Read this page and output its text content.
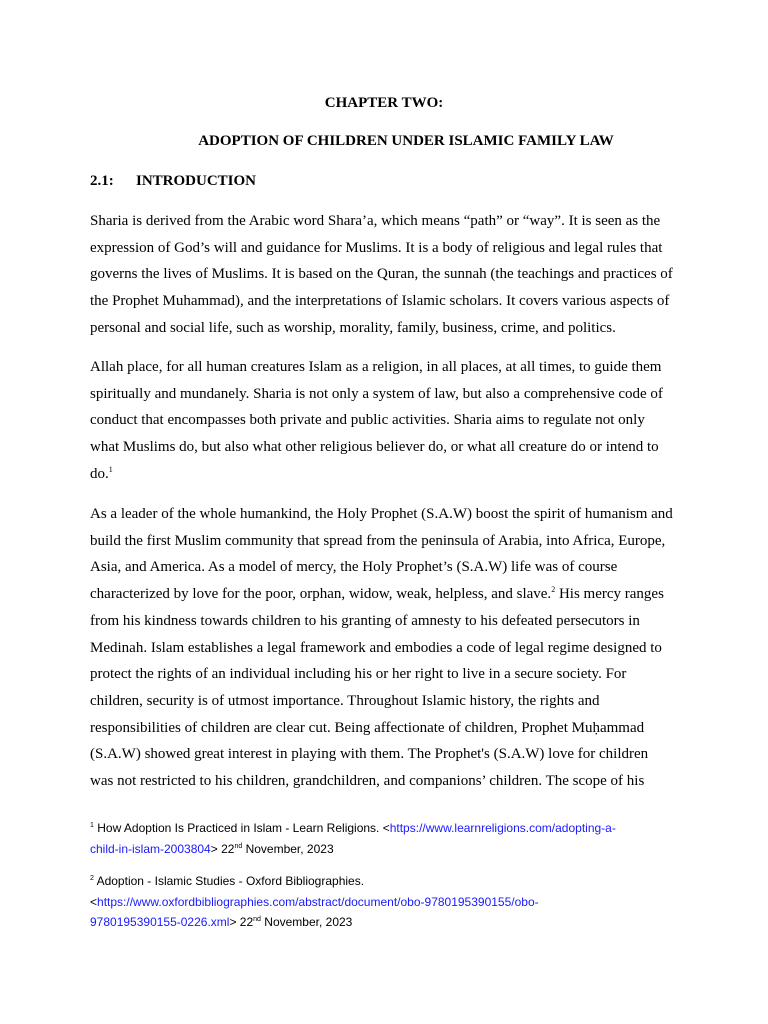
CHAPTER TWO:
ADOPTION OF CHILDREN UNDER ISLAMIC FAMILY LAW
2.1: INTRODUCTION

Sharia is derived from the Arabic word Shara’a, which means “path” or “way”. It is seen as the
expression of God’s will and guidance for Muslims. It is a body of religious and legal rules that
governs the lives of Muslims. It is based on the Quran, the sunnah (the teachings and practices of
the Prophet Muhammad), and the interpretations of Islamic scholars. It covers various aspects of
personal and social life, such as worship, morality, family, business, crime, and politics.

Allah place, for all human creatures Islam as a religion, in all places, at all times, to guide them
spiritually and mundanely. Sharia is not only a system of law, but also a comprehensive code of
conduct that encompasses both private and public activities. Sharia aims to regulate not only
what Muslims do, but also what other religious believer do, or what all creature do or intend to
do.$^1$

As a leader of the whole humankind, the Holy Prophet (S.A.W) boost the spirit of humanism and
build the first Muslim community that spread from the peninsula of Arabia, into Africa, Europe,
Asia, and America. As a model of mercy, the Holy Prophet’s (S.A.W) life was of course
characterized by love for the poor, orphan, widow, weak, helpless, and slave.$^2$ His mercy ranges
from his kindness towards children to his granting of amnesty to his defeated persecutors in
Medinah. Islam establishes a legal framework and embodies a code of legal regime designed to
protect the rights of an individual including his or her right to live in a secure society. For
children, security is of utmost importance. Throughout Islamic history, the rights and
responsibilities of children are clear cut. Being affectionate of children, Prophet Muḥammad
(S.A.W) showed great interest in playing with them. The Prophet's (S.A.W) love for children
was not restricted to his children, grandchildren, and companions’ children. The scope of his

$^1$ How Adoption Is Practiced in Islam - Learn Religions. <https://www.learnreligions.com/adopting-a-
child-in-islam-2003804> 22nd November, 2023
$^2$ Adoption - Islamic Studies - Oxford Bibliographies.
<https://www.oxfordbibliographies.com/abstract/document/obo-9780195390155/obo-
9780195390155-0226.xml> 22nd November, 2023
